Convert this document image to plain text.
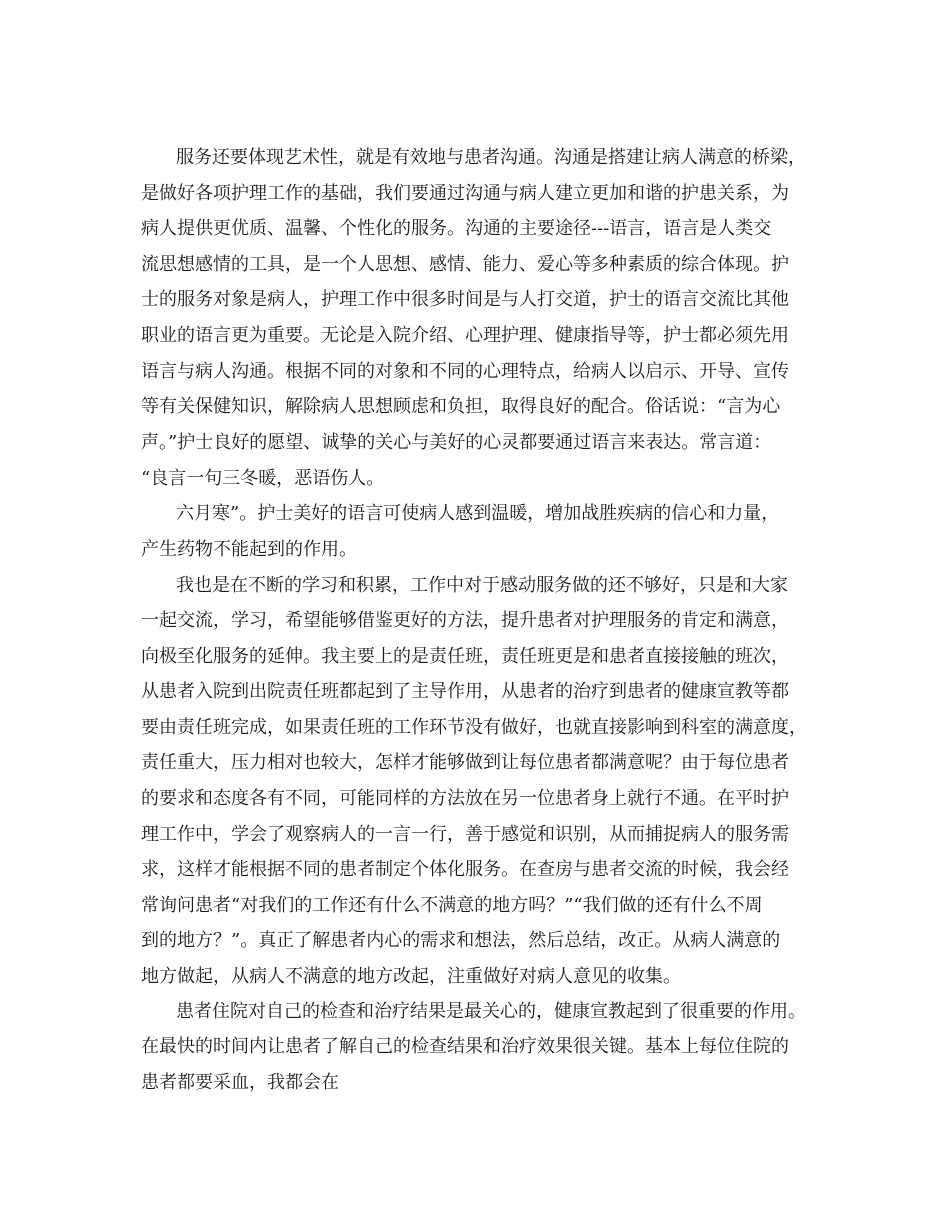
服务还要体现艺术性，就是有效地与患者沟通。沟通是搭建让病人满意的桥梁，
是做好各项护理工作的基础，我们要通过沟通与病人建立更加和谐的护患关系，为
病人提供更优质、温馨、个性化的服务。沟通的主要途径---语言，语言是人类交
流思想感情的工具，是一个人思想、感情、能力、爱心等多种素质的综合体现。护
士的服务对象是病人，护理工作中很多时间是与人打交道，护士的语言交流比其他
职业的语言更为重要。无论是入院介绍、心理护理、健康指导等，护士都必须先用
语言与病人沟通。根据不同的对象和不同的心理特点，给病人以启示、开导、宣传
等有关保健知识，解除病人思想顾虑和负担，取得良好的配合。俗话说：“言为心
声。”护士良好的愿望、诚挚的关心与美好的心灵都要通过语言来表达。常言道：
“良言一句三冬暖，恶语伤人。
六月寒”。护士美好的语言可使病人感到温暖，增加战胜疾病的信心和力量，
产生药物不能起到的作用。
我也是在不断的学习和积累，工作中对于感动服务做的还不够好，只是和大家
一起交流，学习，希望能够借鉴更好的方法，提升患者对护理服务的肯定和满意，
向极至化服务的延伸。我主要上的是责任班，责任班更是和患者直接接触的班次，
从患者入院到出院责任班都起到了主导作用，从患者的治疗到患者的健康宣教等都
要由责任班完成，如果责任班的工作环节没有做好，也就直接影响到科室的满意度，
责任重大，压力相对也较大，怎样才能够做到让每位患者都满意呢？由于每位患者
的要求和态度各有不同，可能同样的方法放在另一位患者身上就行不通。在平时护
理工作中，学会了观察病人的一言一行，善于感觉和识别，从而捕捉病人的服务需
求，这样才能根据不同的患者制定个体化服务。在查房与患者交流的时候，我会经
常询问患者“对我们的工作还有什么不满意的地方吗？”“我们做的还有什么不周
到的地方？”。真正了解患者内心的需求和想法，然后总结，改正。从病人满意的
地方做起，从病人不满意的地方改起，注重做好对病人意见的收集。
患者住院对自己的检查和治疗结果是最关心的，健康宣教起到了很重要的作用。
在最快的时间内让患者了解自己的检查结果和治疗效果很关键。基本上每位住院的
患者都要采血，我都会在
